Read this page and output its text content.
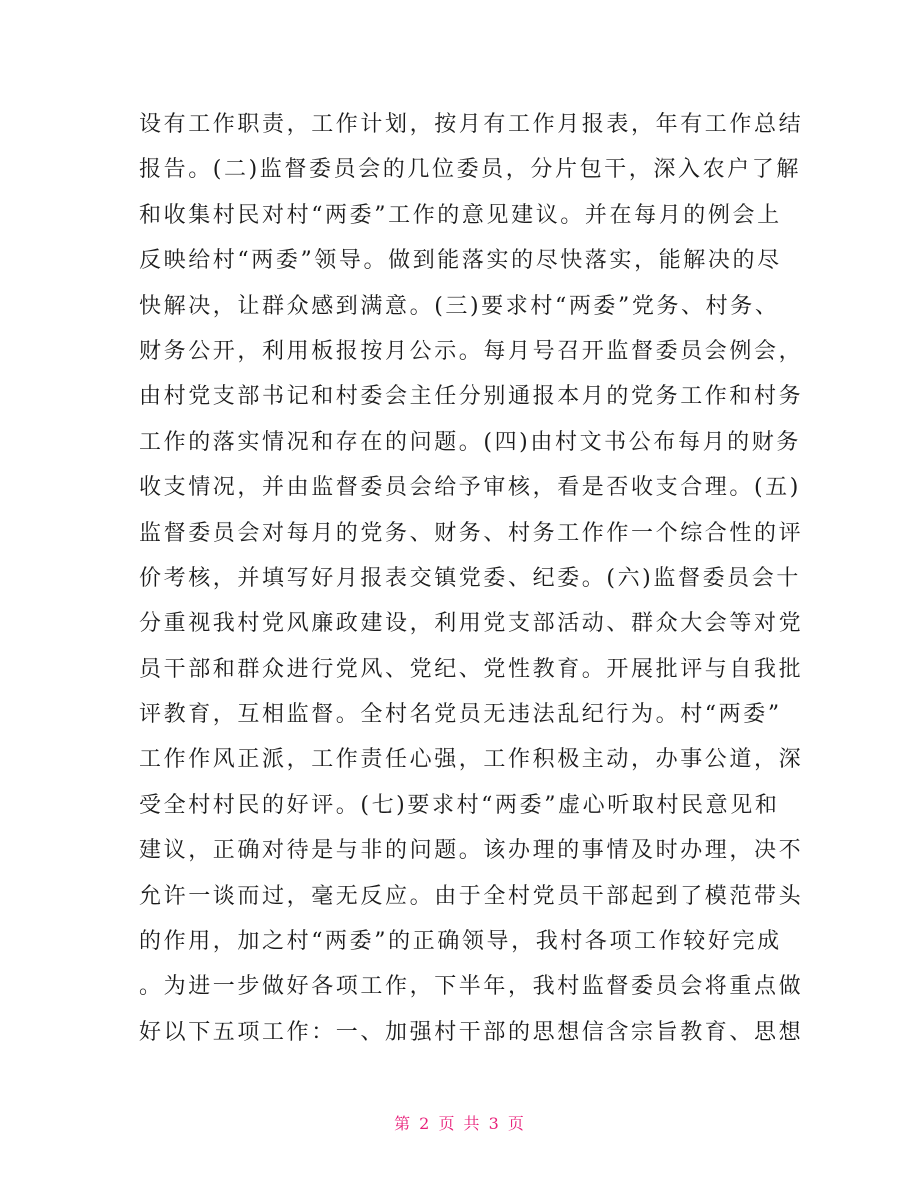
设有工作职责，工作计划，按月有工作月报表，年有工作总结
报告。(二)监督委员会的几位委员，分片包干，深入农户了解
和收集村民对村“两委”工作的意见建议。并在每月的例会上
反映给村“两委”领导。做到能落实的尽快落实，能解决的尽
快解决，让群众感到满意。(三)要求村“两委”党务、村务、
财务公开，利用板报按月公示。每月号召开监督委员会例会，
由村党支部书记和村委会主任分别通报本月的党务工作和村务
工作的落实情况和存在的问题。(四)由村文书公布每月的财务
收支情况，并由监督委员会给予审核，看是否收支合理。(五)
监督委员会对每月的党务、财务、村务工作作一个综合性的评
价考核，并填写好月报表交镇党委、纪委。(六)监督委员会十
分重视我村党风廉政建设，利用党支部活动、群众大会等对党
员干部和群众进行党风、党纪、党性教育。开展批评与自我批
评教育，互相监督。全村名党员无违法乱纪行为。村“两委”
工作作风正派，工作责任心强，工作积极主动，办事公道，深
受全村村民的好评。(七)要求村“两委”虚心听取村民意见和
建议，正确对待是与非的问题。该办理的事情及时办理，决不
允许一谈而过，毫无反应。由于全村党员干部起到了模范带头
的作用，加之村“两委”的正确领导，我村各项工作较好完成
。为进一步做好各项工作，下半年，我村监督委员会将重点做
好以下五项工作：一、加强村干部的思想信含宗旨教育、思想
第 2 页 共 3 页
